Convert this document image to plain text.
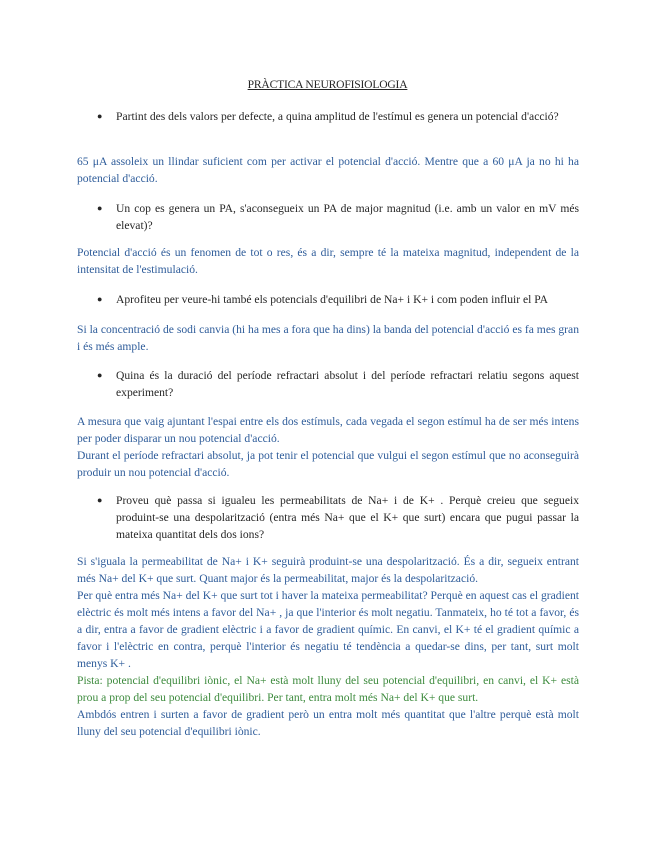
PRÀCTICA NEUROFISIOLOGIA
● Partint des dels valors per defecte, a quina amplitud de l'estímul es genera un potencial d'acció?

65 μA assoleix un llindar suficient com per activar el potencial d'acció. Mentre que a 60 μA ja no hi ha potencial d'acció.

● Un cop es genera un PA, s'aconsegueix un PA de major magnitud (i.e. amb un valor en mV més elevat)?

Potencial d'acció és un fenomen de tot o res, és a dir, sempre té la mateixa magnitud, independent de la intensitat de l'estimulació.

● Aprofiteu per veure-hi també els potencials d'equilibri de Na+ i K+ i com poden influir el PA

Si la concentració de sodi canvia (hi ha mes a fora que ha dins) la banda del potencial d'acció es fa mes gran i és més ample.

● Quina és la duració del període refractari absolut i del període refractari relatiu segons aquest experiment?

A mesura que vaig ajuntant l'espai entre els dos estímuls, cada vegada el segon estímul ha de ser més intens per poder disparar un nou potencial d'acció.

Durant el període refractari absolut, ja pot tenir el potencial que vulgui el segon estímul que no aconseguirà produir un nou potencial d'acció.

● Proveu què passa si igualeu les permeabilitats de Na+ i de K+ . Perquè creieu que segueix produint-se una despolarització (entra més Na+ que el K+ que surt) encara que pugui passar la mateixa quantitat dels dos ions?

Si s'iguala la permeabilitat de Na+ i K+ seguirà produint-se una despolarització. És a dir, segueix entrant més Na+ del K+ que surt. Quant major és la permeabilitat, major és la despolarització.

Per què entra més Na+ del K+ que surt tot i haver la mateixa permeabilitat? Perquè en aquest cas el gradient elèctric és molt més intens a favor del Na+ , ja que l'interior és molt negatiu. Tanmateix, ho té tot a favor, és a dir, entra a favor de gradient elèctric i a favor de gradient químic. En canvi, el K+ té el gradient químic a favor i l'elèctric en contra, perquè l'interior és negatiu té tendència a quedar-se dins, per tant, surt molt menys K+ .

Pista: potencial d'equilibri iònic, el Na+ està molt lluny del seu potencial d'equilibri, en canvi, el K+ està prou a prop del seu potencial d'equilibri. Per tant, entra molt més Na+ del K+ que surt.

Ambdós entren i surten a favor de gradient però un entra molt més quantitat que l'altre perquè està molt lluny del seu potencial d'equilibri iònic.
